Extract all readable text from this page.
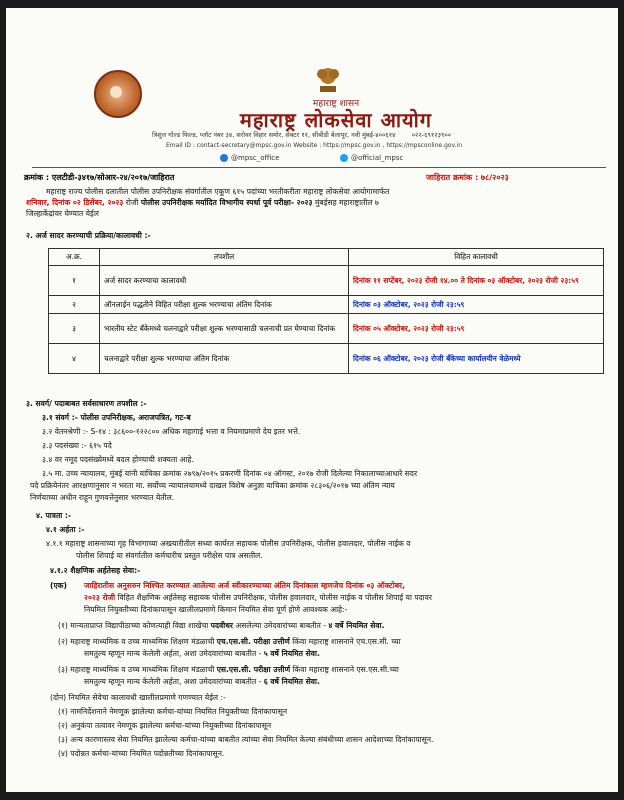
महाराष्ट्र शासन
महाराष्ट्र लोकसेवा आयोग
त्रिशुल गोल्ड फिल्ड, प्लॉट नंबर ३४, सरोवर विहार समोर, सेक्टर ११, सीबीडी बेलापूर, नवी मुंबई-४००६१४ ०२२-६९१२३९००
Email ID : contact-secretary@mpsc.gov.in Website : https://mpsc.gov.in , https://mpsconline.gov.in
@mpsc_office	@official_mpsc
क्रमांक : एलटीडी-३४१७/सोआर-२४/२०१७/जाहिरात	जाहिरात क्रमांक : ७८/२०२३
महाराष्ट्र राज्य पोलीस दलातील पोलीस उपनिरीक्षक संवर्गातील एकूण ६१५ पदांच्या भरतीकरीता महाराष्ट्र लोकसेवा आयोगामार्फत
शनिवार, दिनांक ०२ डिसेंबर, २०२३ रोजी पोलीस उपनिरीक्षक मर्यादित विभागीय स्पर्धा पूर्व परीक्षा- २०२३ मुंबईसह महाराष्ट्रातील ७
जिल्हाकेंद्रांवर घेण्यात येईल
२. अर्ज सादर करण्याची प्रक्रिया/कालावधी :-
अ.क्र.	तपशील	विहित कालावधी
१	अर्ज सादर करण्याचा कालावधी	दिनांक ११ सप्टेंबर, २०२३ रोजी १४.०० ते दिनांक ०३ ऑक्टोबर, २०२३ रोजी २३:५९
२	ऑनलाईन पद्धतीने विहित परीक्षा शुल्क भरण्याचा अंतिम दिनांक	दिनांक ०३ ऑक्टोबर, २०२३ रोजी २३:५९
३	भारतीय स्टेट बँकेमध्ये चलनाद्वारे परीक्षा शुल्क भरण्यासाठी चलनाची प्रत घेण्याचा दिनांक	दिनांक ०५ ऑक्टोबर, २०२३ रोजी २३:५९
४	चलनाद्वारे परीक्षा शुल्क भरण्याचा अंतिम दिनांक	दिनांक ०६ ऑक्टोबर, २०२३ रोजी बँकेच्या कार्यालयीन वेळेमध्ये
३. सवर्ग/ पदाबाबत सर्वसाधारण तपशील :-
३.१ संवर्ग :- पोलीस उपनिरीक्षक, अराजपत्रित, गट-ब
३.२ वेतनश्रेणी :- S-१४ : ३८६००-१२२८०० अधिक महागाई भत्ता व नियमाप्रमाणे देय इतर भत्ते.
३.३ पदसंख्या :- ६१५ पदे
३.४ वर नमूद पदसंख्येमध्ये बदल होण्याची शक्यता आहे.
३.५ मा. उच्च न्यायालय, मुंबई यांनी याचिका क्रमांक २७९७/२०१५ प्रकरणी दिनांक ०४ ऑगस्ट, २०१७ रोजी दिलेल्या निकालाच्याआधारे सदर
पदे प्रक्रियेनंतर आरक्षणानुसार न भरता मा. सर्वोच्च न्यायालयामध्ये दाखल विशेष अनुज्ञा याचिका क्रमांक २८३०६/२०१७ च्या अंतिम न्याय
निर्णयाच्या अधीन राहून गुणवत्तेनुसार भरण्यात येतील.
४. पात्रता :-
४.१ अर्हता :-
४.१.१ महाराष्ट्र शासनाच्या गृह विभागाच्या अख्त्यारीतील सध्या कार्यरत सहायक पोलीस उपनिरीक्षक, पोलीस हवालदार, पोलीस नाईक व
पोलीस शिपाई या संवर्गातील कर्मचारीच प्रस्तुत परीक्षेस पात्र असतील.
४.१.२ शैक्षणिक अर्हतेसह सेवा:-
(एक) जाहिरातीस अनुसरुन निश्चित करण्यात आलेल्या अर्ज स्वीकारण्याच्या अंतिम दिनांकास म्हणजेच दिनांक ०३ ऑक्टोबर,
२०२३ रोजी विहित शैक्षणिक अर्हतेसह सहायक पोलीस उपनिरीक्षक, पोलीस हवालदार, पोलीस नाईक व पोलीस शिपाई या पदावर
नियमित नियुक्तीच्या दिनांकापासून खालीलप्रमाणे किमान नियमित सेवा पूर्ण होणे आवश्यक आहे:-
(१) मान्यताप्राप्त विद्यापीठाच्या कोणत्याही विद्या शाखेचा पदवीधर असलेल्या उमेदवारांच्या बाबतीत - ४ वर्षे नियमित सेवा.
(२) महाराष्ट्र माध्यमिक व उच्च माध्यमिक शिक्षण मंडळाची एच.एस.सी. परीक्षा उत्तीर्ण किंवा महाराष्ट्र शासनाने एच.एस.सी. च्या
समतुल्य म्हणून मान्य केलेली अर्हता, अशा उमेदवारांच्या बाबतीत - ५ वर्षे नियमित सेवा.
(३) महाराष्ट्र माध्यमिक व उच्च माध्यमिक शिक्षण मंडळाची एस.एस.सी. परीक्षा उत्तीर्ण किंवा महाराष्ट्र शासनाने एस.एस.सी.च्या
समतुल्य म्हणून मान्य केलेली अर्हता, अशा उमेदवारांच्या बाबतीत - ६ वर्षे नियमित सेवा.
(दोन) नियमित सेवेचा कालावधी खालीलप्रमाणे गणण्यात येईल :-
(१) नामनिर्देशनाने नेमणूक झालेल्या कर्मचा-यांच्या नियमित नियुक्तीच्या दिनांकापासून
(२) अनुकंपा तत्वावर नेमणूक झालेल्या कर्मचा-यांच्या नियुक्तीच्या दिनांकापासून
(३) अन्य कारणास्तव सेवा नियमित झालेल्या कर्मचा-यांच्या बाबतीत त्यांच्या सेवा नियमित केल्या संबंधीच्या शासन आदेशाच्या दिनांकापासून.
(४) पदोन्नत कर्मचा-यांच्या नियमित पदोन्नतीच्या दिनांकापासून.
